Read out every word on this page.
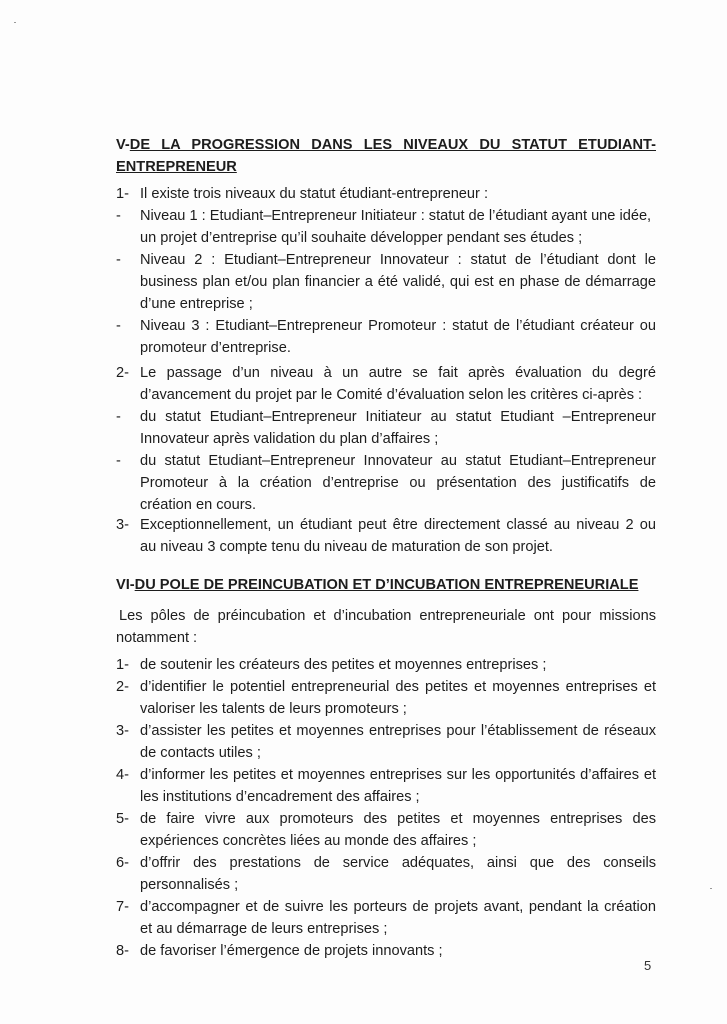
V-DE LA PROGRESSION DANS LES NIVEAUX DU STATUT ETUDIANT-
ENTREPRENEUR
1- Il existe trois niveaux du statut étudiant-entrepreneur :
-	Niveau 1 : Etudiant–Entrepreneur Initiateur : statut de l’étudiant ayant une idée,
un projet d’entreprise qu’il souhaite développer pendant ses études ;
-	Niveau 2 : Etudiant–Entrepreneur Innovateur : statut de l’étudiant dont le
business plan et/ou plan financier a été validé, qui est en phase de démarrage
d’une entreprise ;
-	Niveau 3 : Etudiant–Entrepreneur Promoteur : statut de l’étudiant créateur ou
promoteur d’entreprise.
2- Le passage d’un niveau à un autre se fait après évaluation du degré
d’avancement du projet par le Comité d’évaluation selon les critères ci-après :
-	du statut Etudiant–Entrepreneur Initiateur au statut Etudiant –Entrepreneur
Innovateur après validation du plan d’affaires ;
-	du statut Etudiant–Entrepreneur Innovateur au statut Etudiant–Entrepreneur
Promoteur à la création d’entreprise ou présentation des justificatifs de
création en cours.
3- Exceptionnellement, un étudiant peut être directement classé au niveau 2 ou
au niveau 3 compte tenu du niveau de maturation de son projet.
VI-DU POLE DE PREINCUBATION ET D’INCUBATION ENTREPRENEURIALE
Les pôles de préincubation et d’incubation entrepreneuriale ont pour missions
notamment :
1- de soutenir les créateurs des petites et moyennes entreprises ;
2- d’identifier le potentiel entrepreneurial des petites et moyennes entreprises et
valoriser les talents de leurs promoteurs ;
3- d’assister les petites et moyennes entreprises pour l’établissement de réseaux
de contacts utiles ;
4- d’informer les petites et moyennes entreprises sur les opportunités d’affaires et
les institutions d’encadrement des affaires ;
5- de faire vivre aux promoteurs des petites et moyennes entreprises des
expériences concrètes liées au monde des affaires ;
6- d’offrir des prestations de service adéquates, ainsi que des conseils
personnalisés ;
7- d’accompagner et de suivre les porteurs de projets avant, pendant la création
et au démarrage de leurs entreprises ;
8- de favoriser l’émergence de projets innovants ;
5
